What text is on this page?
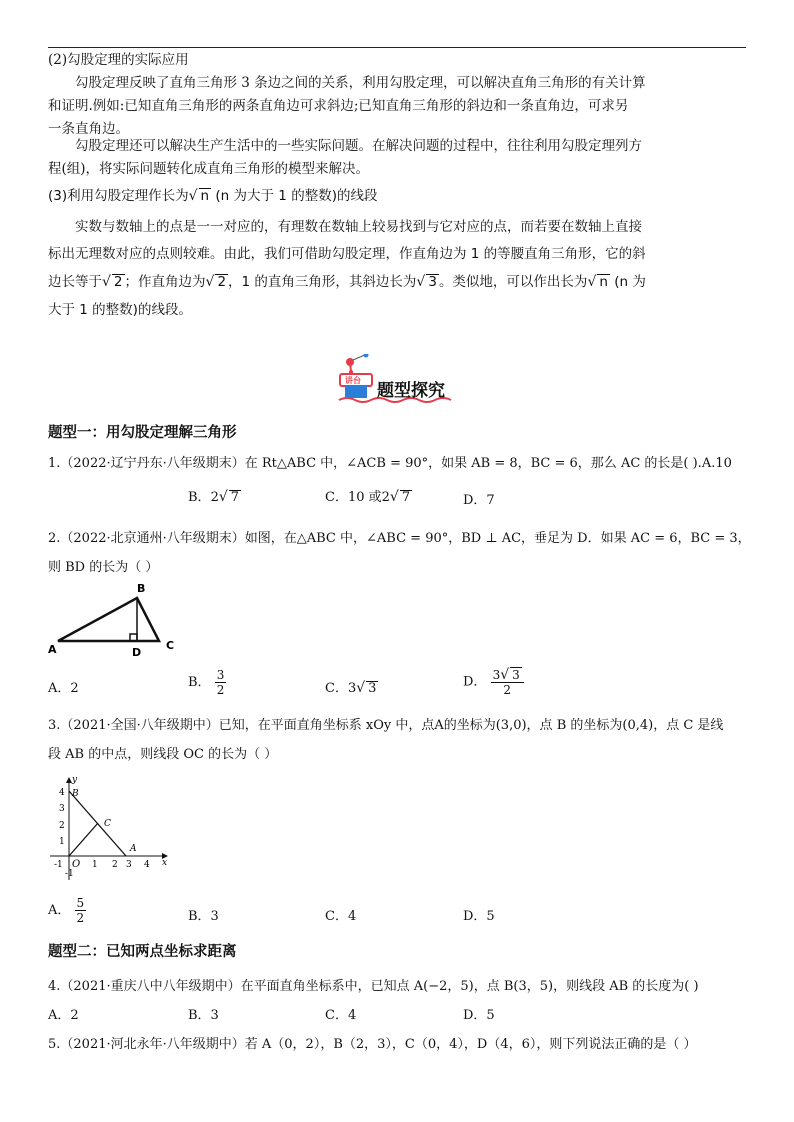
(2)勾股定理的实际应用
勾股定理反映了直角三角形 3 条边之间的关系，利用勾股定理，可以解决直角三角形的有关计算
和证明.例如:已知直角三角形的两条直角边可求斜边;已知直角三角形的斜边和一条直角边，可求另
一条直角边。
勾股定理还可以解决生产生活中的一些实际问题。在解决问题的过程中，往往利用勾股定理列方
程(组)，将实际问题转化成直角三角形的模型来解决。
(3)利用勾股定理作长为√ n (n 为大于 1 的整数)的线段
实数与数轴上的点是一一对应的，有理数在数轴上较易找到与它对应的点，而若要在数轴上直接
标出无理数对应的点则较难。由此，我们可借助勾股定理，作直角边为 1 的等腰直角三角形，它的斜
边长等于√ 2 ；作直角边为√ 2 ，1 的直角三角形，其斜边长为√ 3 。类似地，可以作出长为√ n (n 为
大于 1 的整数)的线段。
讲台
题型探究
题型一：用勾股定理解三角形
1.（2022·辽宁丹东·八年级期末）在 Rt△ABC 中，∠ACB = 90°，如果 AB = 8，BC = 6，那么 AC 的长是( ).A.10
B．2√ 7	C．10 或2√ 7	D．7
2.（2022·北京通州·八年级期末）如图，在△ABC 中，∠ABC = 90°，BD ⊥ AC，垂足为 D．如果 AC = 6，BC = 3，
则 BD 的长为（ ）
A
B
D
C
A．2	B． $\frac{3}{2}$	C．3√ 3	D． $\frac{3√ 3}{2}$
3.（2021·全国·八年级期中）已知，在平面直角坐标系 xOy 中，点A的坐标为(3,0)，点 B 的坐标为(0,4)，点 C 是线
段 AB 的中点，则线段 OC 的长为（ ）
y
x
O
B
C
A
4
3
2
1
-1
-1	1 2 3 4
A． $\frac{5}{2}$	B．3	C．4	D．5
题型二：已知两点坐标求距离
4.（2021·重庆八中八年级期中）在平面直角坐标系中，已知点 A(−2，5)，点 B(3，5)，则线段 AB 的长度为( )
A．2	B．3	C．4	D．5
5.（2021·河北永年·八年级期中）若 A（0，2），B（2，3），C（0，4），D（4，6），则下列说法正确的是（ ）
